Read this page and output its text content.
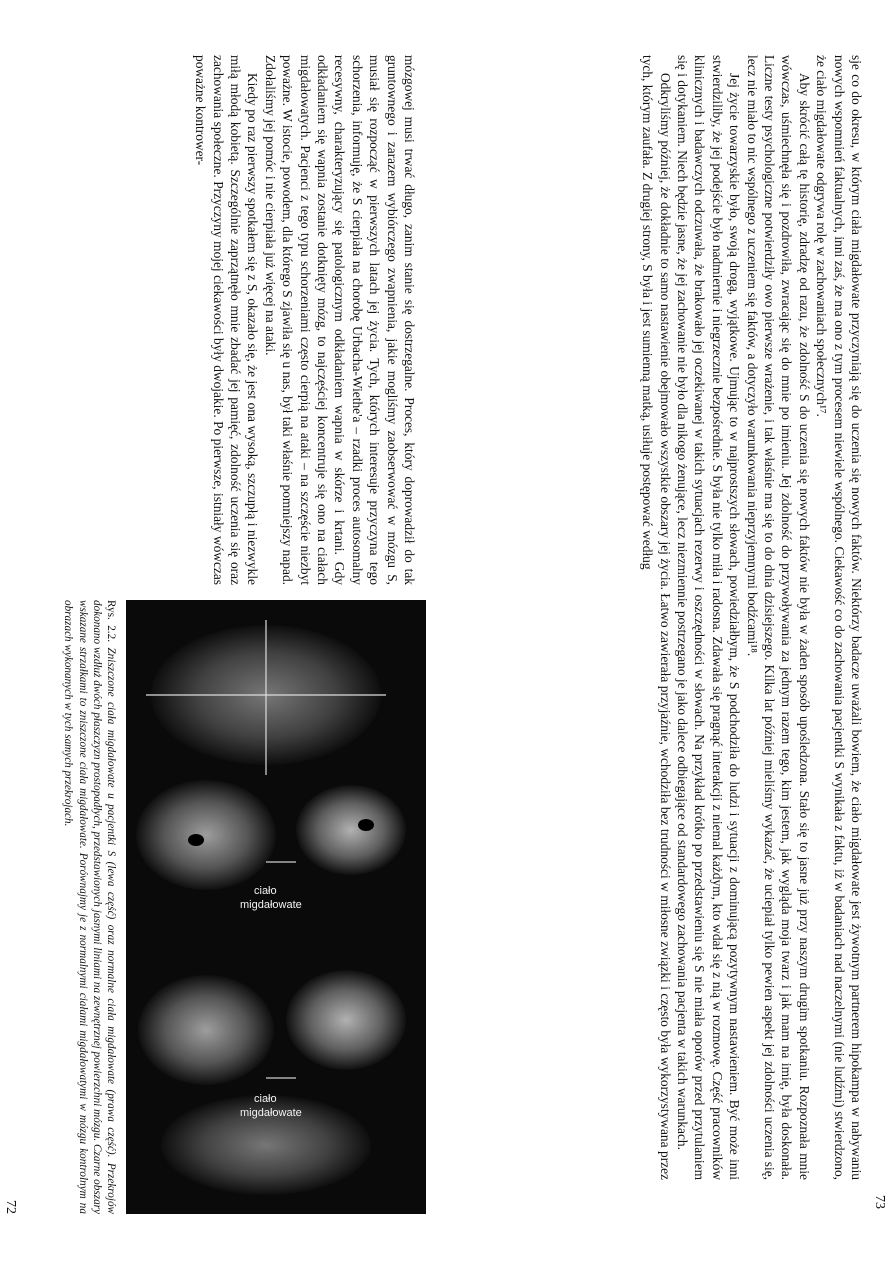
73

sje co do okresu, w którym ciała migdałowate przyczyniają się do uczenia się nowych faktów. Niektórzy badacze uważali bowiem, że ciało migdałowate jest żywotnym partnerem hipokampa w nabywaniu nowych wspomnień faktualnych, inni zaś, że ma ono z tym procesem niewiele wspólnego. Ciekawość co do zachowania pacjentki S wynikała z faktu, iż w badaniach nad naczelnymi (nie ludźmi) stwierdzono, że ciało migdałowate odgrywa rolę w zachowaniach społecznych¹⁷.

Aby skrócić całą tę historię, zdradzę od razu, że zdolność S do uczenia się nowych faktów nie była w żaden sposób upośledzona. Stało się to jasne już przy naszym drugim spotkaniu. Rozpoznała mnie wówczas, uśmiechnęła się i pozdrowiła, zwracając się do mnie po imieniu. Jej zdolność do przywoływania za jednym razem tego, kim jestem, jak wygląda moja twarz i jak mam na imię, była doskonała. Liczne testy psychologiczne potwierdziły owo pierwsze wrażenie, i tak właśnie ma się to do dnia dzisiejszego. Kilka lat później mieliśmy wykazać, że uciepiał tylko pewien aspekt jej zdolności uczenia się, lecz nie miało to nic wspólnego z uczeniem się faktów, a dotyczyło warunkowania nieprzyjemnymi bodźcami¹⁸.

Jej życie towarzyskie było, swoją drogą, wyjątkowe. Ujmując to w najprostszych słowach, powiedziałbym, że S podchodziła do ludzi i sytuacji z dominującą pozytywnym nastawieniem. Być może inni stwierdziliby, że jej podejście było nadmiernie i niegrzecznie bezpośrednie. S była nie tylko miła i radosna. Zdawała się pragnąć interakcji z niemal każdym, kto wdał się z nią w rozmowę. Część pracowników klinicznych i badawczych odczuwała, że brakowało jej oczekiwanej w takich sytuacjach rezerwy i oszczędności w słowach. Na przykład krótko po przedstawieniu się S nie miała oporów przed przytulaniem się i dotykaniem. Niech będzie jasne, że jej zachowanie nie było dla nikogo żenujące, lecz niezmiennie postrzegano je jako dalece odbiegające od standardowego zachowania pacjenta w takich warunkach.

Odkryliśmy później, że dokładnie to samo nastawienie obejmowało wszystkie obszary jej życia. Łatwo zawierała przyjaźnie, wchodziła bez trudności w miłosne związki i często była wykorzystywana przez tych, którym zaufała. Z drugiej strony, S była i jest sumienną matką, usiłuje postępować według

mózgowej musi trwać długo, zanim stanie się dostrzegalne. Proces, który doprowadził do tak gruntownego i zarazem wybiórczego zwapnienia, jakie mogliśmy zaobserwować w mózgu S, musiał się rozpocząć w pierwszych latach jej życia. Tych, których interesuje przyczyna tego schorzenia, informuję, że S cierpiała na chorobę Urbacha-Wiethe'a – rzadki proces autosomalny recesywny, charakteryzujący się patologicznym odkładaniem wapnia w skórze i krtani. Gdy odkładaniem się wapnia zostanie dotknięty mózg, to najczęściej koncentruje się ono na ciałach migdałowatych. Pacjenci z tego typu schorzeniami często cierpią na ataki – na szczęście niezbyt poważne. W istocie, powodem, dla którego S zjawiła się u nas, był taki właśnie pomniejszy napad. Zdołaliśmy jej pomóc i nie cierpiała już więcej na ataki.

Kiedy po raz pierwszy spotkałem się z S, okazało się, że jest ona wysoką, szczupłą i niezwykle miłą młodą kobietą. Szczególnie zaprzątnęło mnie zbadać jej pamięć, zdolność uczenia się oraz zachowania społeczne. Przyczyny mojej ciekawości były dwojakie. Po pierwsze, istniały wówczas poważne kontrower-

ciało
migdałowate
ciało
migdałowate
Rys. 2.2. Zniszczone ciała migdałowate u pacjentki S (lewa część) oraz normalne ciała migdałowate (prawa część). Przekrojów dokonano wzdłuż dwóch płaszczyzn prostopadłych, przedstawionych jasnymi liniami na zewnętrznej powierzchni mózgu. Czarne obszary wskazane strzałkami to zniszczone ciała migdałowate. Porównajmy je z normalnymi ciałami migdałowatymi w mózgu kontrolnym na obrazach wykonanych w tych samych przekrojach.
72
